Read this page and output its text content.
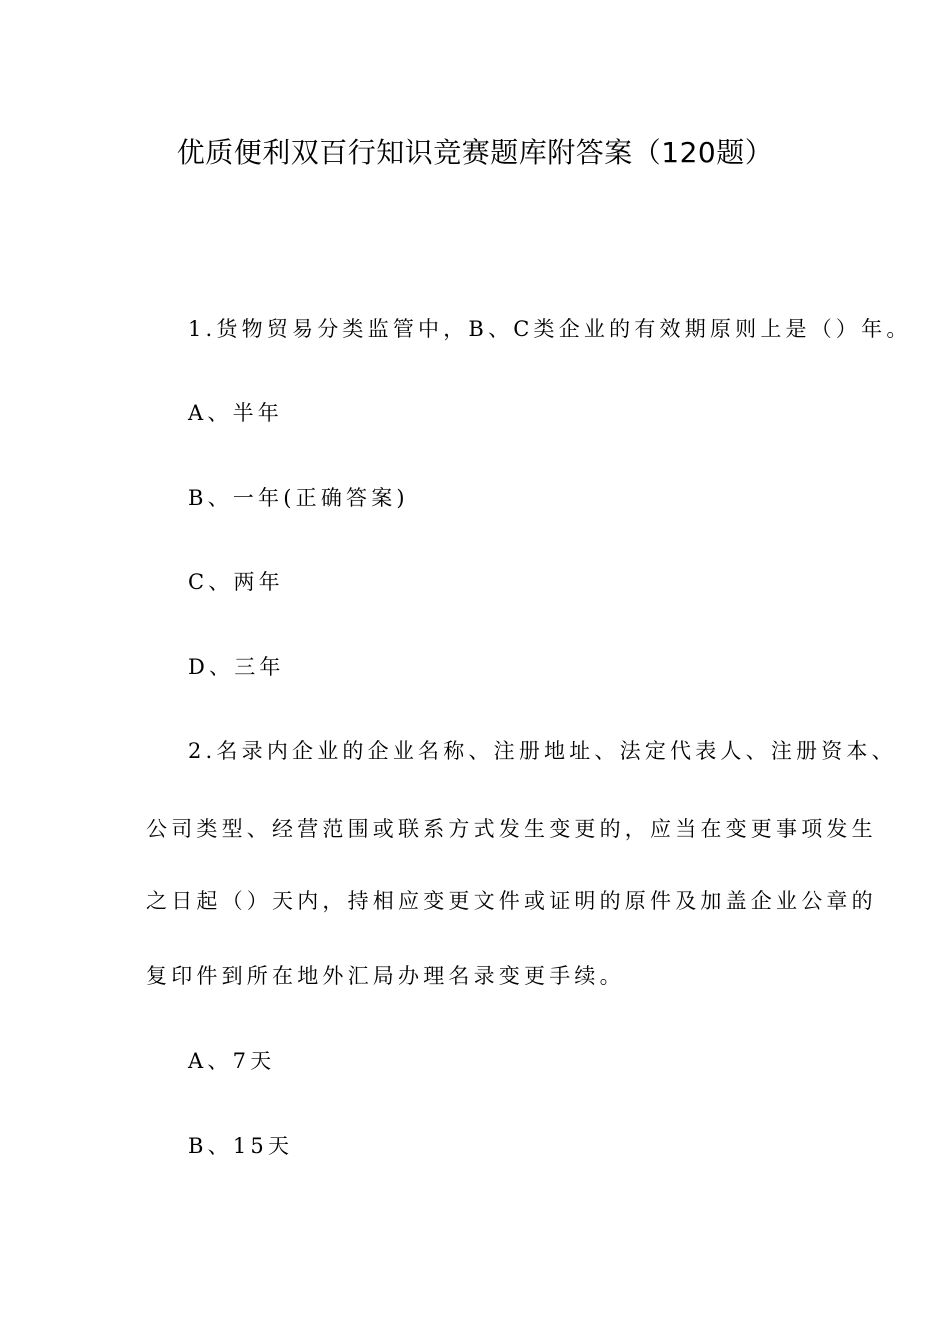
优质便利双百行知识竞赛题库附答案（120题）
1.货物贸易分类监管中，B、C类企业的有效期原则上是（）年。
A、半年
B、一年(正确答案)
C、两年
D、三年
2.名录内企业的企业名称、注册地址、法定代表人、注册资本、
公司类型、经营范围或联系方式发生变更的，应当在变更事项发生
之日起（）天内，持相应变更文件或证明的原件及加盖企业公章的
复印件到所在地外汇局办理名录变更手续。
A、7天
B、15天
